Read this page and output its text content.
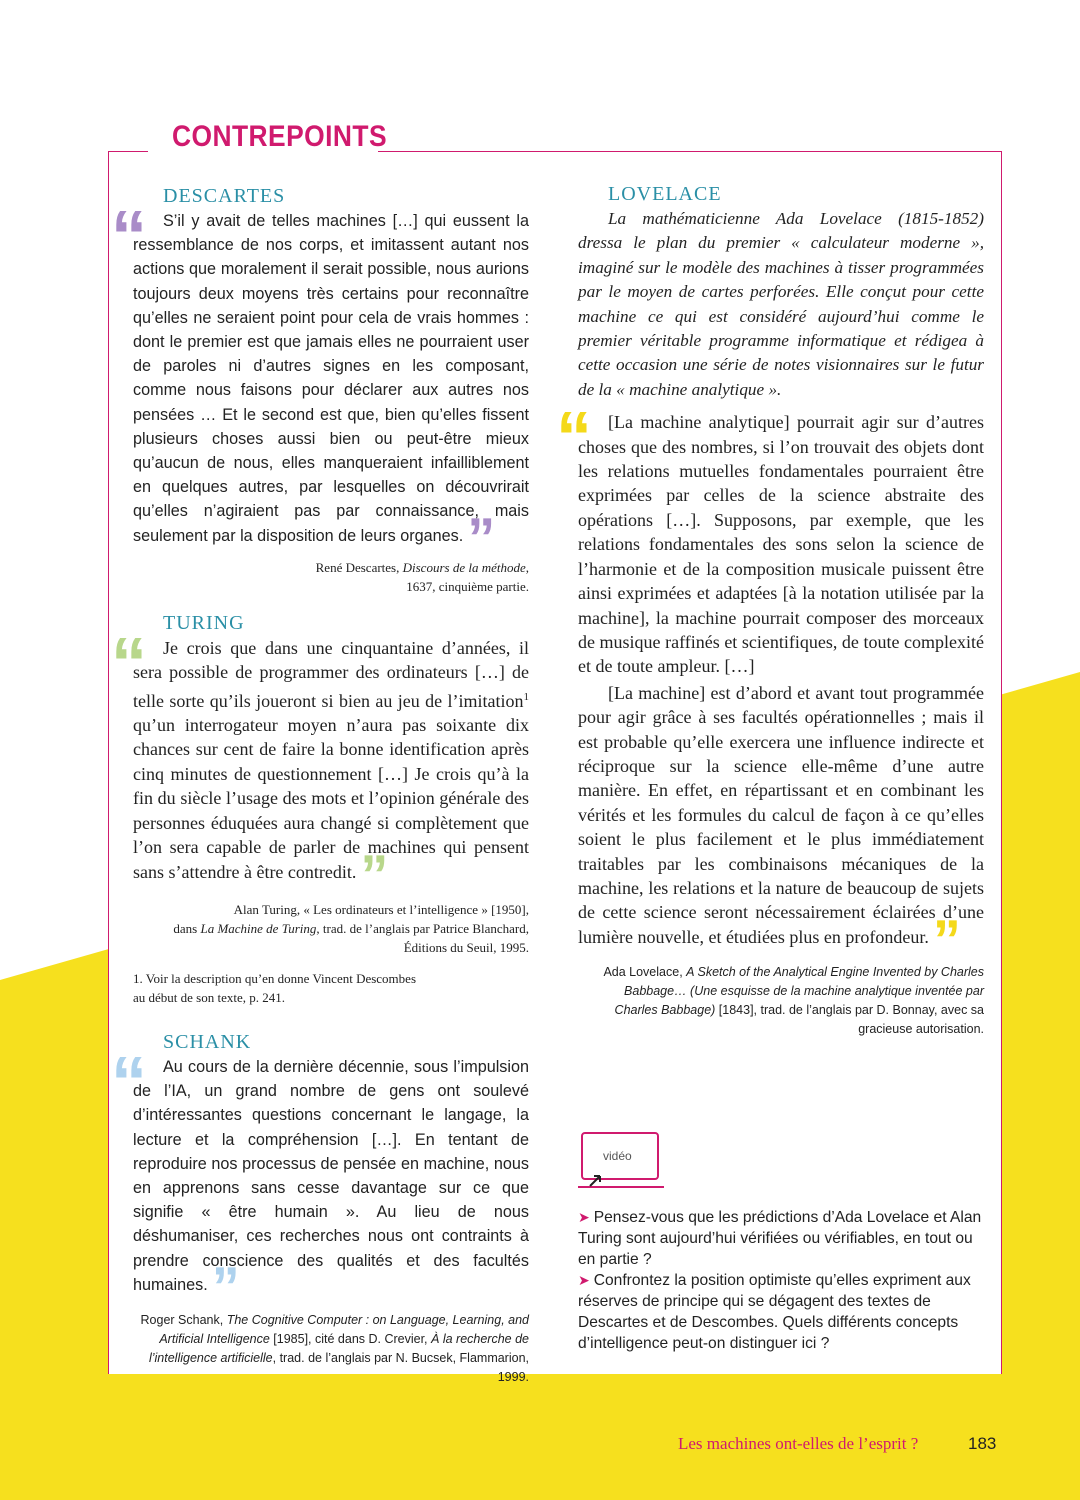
CONTREPOINTS
DESCARTES
“ S’il y avait de telles machines […] qui eussent la ressemblance de nos corps, et imitassent autant nos actions que moralement il serait possible, nous aurions toujours deux moyens très certains pour reconnaître qu’elles ne seraient point pour cela de vrais hommes : dont le premier est que jamais elles ne pourraient user de paroles ni d’autres signes en les composant, comme nous faisons pour déclarer aux autres nos pensées … Et le second est que, bien qu’elles fissent plusieurs choses aussi bien ou peut-être mieux qu’aucun de nous, elles manqueraient infailliblement en quelques autres, par lesquelles on découvrirait qu’elles n’agiraient pas par connaissance, mais seulement par la disposition de leurs organes.”
René Descartes, Discours de la méthode,
1637, cinquième partie.
TURING
“ Je crois que dans une cinquantaine d’années, il sera possible de programmer des ordinateurs […] de telle sorte qu’ils joueront si bien au jeu de l’imitation$^1$ qu’un interrogateur moyen n’aura pas soixante dix chances sur cent de faire la bonne identification après cinq minutes de questionnement […] Je crois qu’à la fin du siècle l’usage des mots et l’opinion générale des personnes éduquées aura changé si complètement que l’on sera capable de parler de machines qui pensent sans s’attendre à être contredit.”
Alan Turing, « Les ordinateurs et l’intelligence » [1950],
dans La Machine de Turing, trad. de l’anglais par Patrice Blanchard,
Éditions du Seuil, 1995.
1. Voir la description qu’en donne Vincent Descombes
au début de son texte, p. 241.
SCHANK
“ Au cours de la dernière décennie, sous l’impulsion de l’IA, un grand nombre de gens ont soulevé d’intéressantes questions concernant le langage, la lecture et la compréhension […]. En tentant de reproduire nos processus de pensée en machine, nous en apprenons sans cesse davantage sur ce que signifie « être humain ». Au lieu de nous déshumaniser, ces recherches nous ont contraints à prendre conscience des qualités et des facultés humaines.”
Roger Schank, The Cognitive Computer : on Language, Learning, and Artificial Intelligence [1985], cité dans D. Crevier, À la recherche de l’intelligence artificielle, trad. de l’anglais par N. Bucsek, Flammarion, 1999.
LOVELACE

La mathématicienne Ada Lovelace (1815-1852) dressa le plan du premier « calculateur moderne », imaginé sur le modèle des machines à tisser programmées par le moyen de cartes perforées. Elle conçut pour cette machine ce qui est considéré aujourd’hui comme le premier véritable programme informatique et rédigea à cette occasion une série de notes visionnaires sur le futur de la « machine analytique ».

“ [La machine analytique] pourrait agir sur d’autres choses que des nombres, si l’on trouvait des objets dont les relations mutuelles fondamentales pourraient être exprimées par celles de la science abstraite des opérations […]. Supposons, par exemple, que les relations fondamentales des sons selon la science de l’harmonie et de la composition musicale puissent être ainsi exprimées et adaptées [à la notation utilisée par la machine], la machine pourrait composer des morceaux de musique raffinés et scientifiques, de toute complexité et de toute ampleur. […]

[La machine] est d’abord et avant tout programmée pour agir grâce à ses facultés opérationnelles ; mais il est probable qu’elle exercera une influence indirecte et réciproque sur la science elle-même d’une autre manière. En effet, en répartissant et en combinant les vérités et les formules du calcul de façon à ce qu’elles soient le plus facilement et le plus immédiatement traitables par les combinaisons mécaniques de la machine, les relations et la nature de beaucoup de sujets de cette science seront nécessairement éclairées d’une lumière nouvelle, et étudiées plus en profondeur.”

Ada Lovelace, A Sketch of the Analytical Engine Invented by Charles Babbage… (Une esquisse de la machine analytique inventée par Charles Babbage) [1843], trad. de l’anglais par D. Bonnay, avec sa gracieuse autorisation.
vidéo

➤ Pensez-vous que les prédictions d’Ada Lovelace et Alan Turing sont aujourd’hui vérifiées ou vérifiables, en tout ou en partie ?

➤ Confrontez la position optimiste qu’elles expriment aux réserves de principe qui se dégagent des textes de Descartes et de Descombes. Quels différents concepts d’intelligence peut-on distinguer ici ?

Les machines ont-elles de l’esprit ?	183
